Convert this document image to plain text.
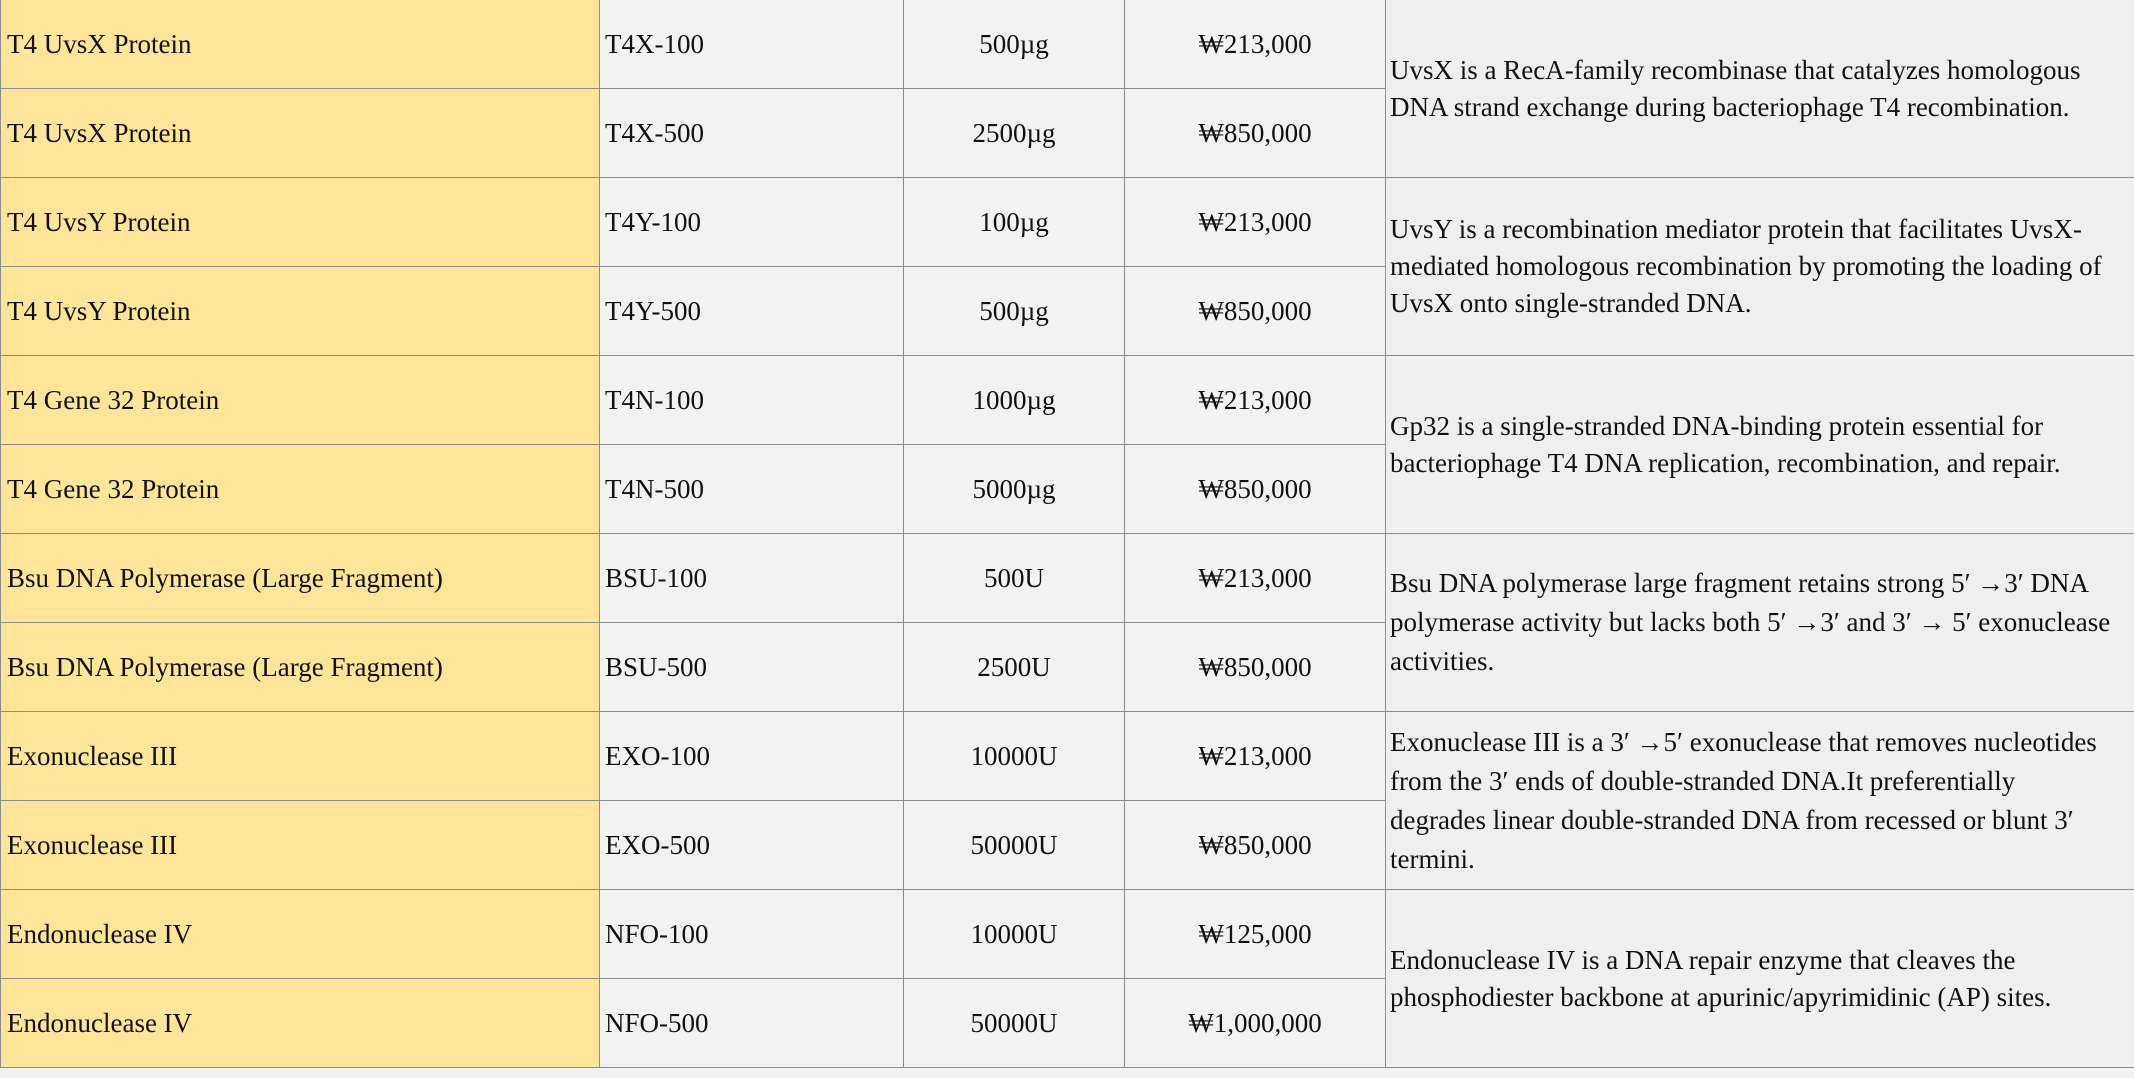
T4 UvsX Protein	T4X-100	500µg	₩213,000	UvsX is a RecA-family recombinase that catalyzes homologous DNA strand exchange during bacteriophage T4 recombination.
T4 UvsX Protein	T4X-500	2500µg	₩850,000	
T4 UvsY Protein	T4Y-100	100µg	₩213,000	UvsY is a recombination mediator protein that facilitates UvsX-mediated homologous recombination by promoting the loading of UvsX onto single-stranded DNA.
T4 UvsY Protein	T4Y-500	500µg	₩850,000	
T4 Gene 32 Protein	T4N-100	1000µg	₩213,000	Gp32 is a single-stranded DNA-binding protein essential for bacteriophage T4 DNA replication, recombination, and repair.
T4 Gene 32 Protein	T4N-500	5000µg	₩850,000	
Bsu DNA Polymerase (Large Fragment)	BSU-100	500U	₩213,000	Bsu DNA polymerase large fragment retains strong 5′ →3′ DNA polymerase activity but lacks both 5′ →3′ and 3′ → 5′ exonuclease activities.
Bsu DNA Polymerase (Large Fragment)	BSU-500	2500U	₩850,000	
Exonuclease III	EXO-100	10000U	₩213,000	Exonuclease III is a 3′ →5′ exonuclease that removes nucleotides from the 3′ ends of double-stranded DNA.It preferentially degrades linear double-stranded DNA from recessed or blunt 3′ termini.
Exonuclease III	EXO-500	50000U	₩850,000	
Endonuclease IV	NFO-100	10000U	₩125,000	Endonuclease IV is a DNA repair enzyme that cleaves the phosphodiester backbone at apurinic/apyrimidinic (AP) sites.
Endonuclease IV	NFO-500	50000U	₩1,000,000	
